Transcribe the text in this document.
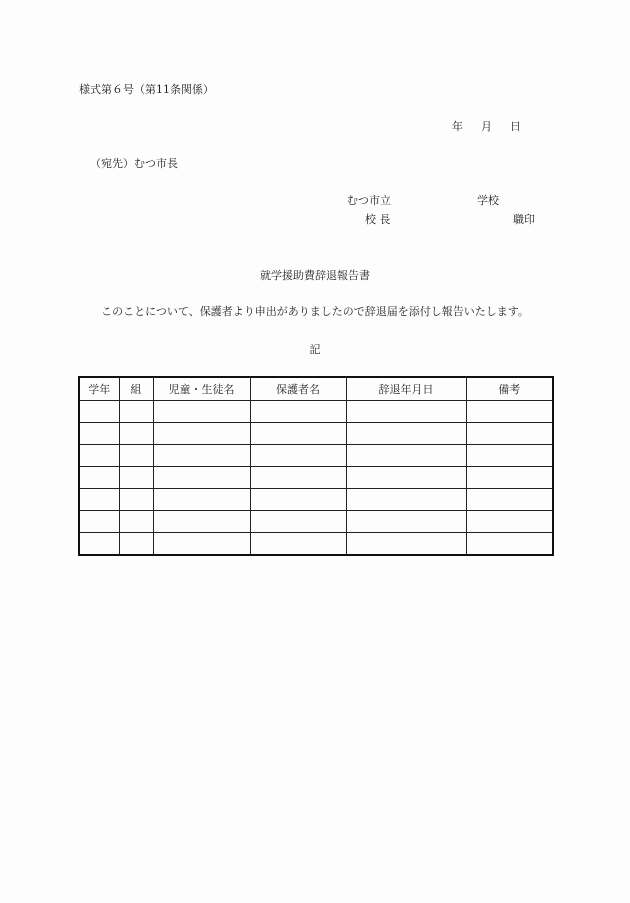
様式第６号（第11条関係）
年 月 日
（宛先）むつ市長
むつ市立	学校
校 長	職印
就学援助費辞退報告書
このことについて、保護者より申出がありましたので辞退届を添付し報告いたします。
記
学年	組	児童・生徒名	保護者名	辞退年月日	備考
